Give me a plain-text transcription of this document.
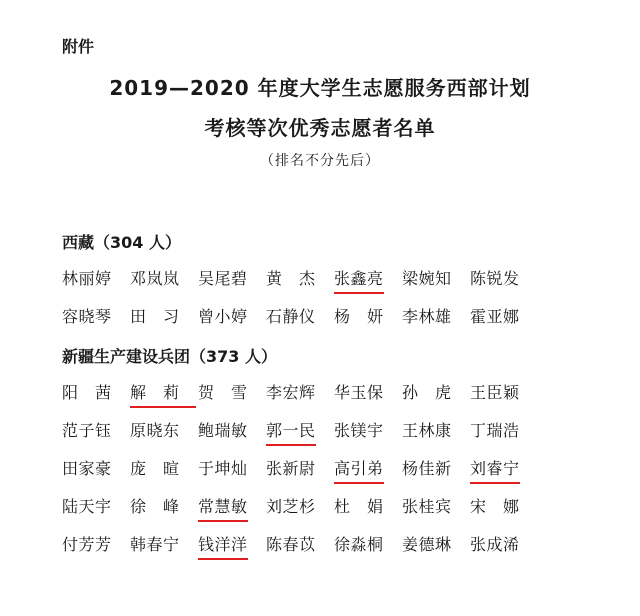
附件
2019—2020 年度大学生志愿服务西部计划
考核等次优秀志愿者名单
（排名不分先后）
西藏（304 人）
林丽婷 邓岚岚 吴尾碧 黄杰 张鑫亮 梁婉知 陈锐发
容晓琴 田习 曾小婷 石静仪 杨妍 李林雄 霍亚娜
新疆生产建设兵团（373 人）
阳茜 解莉 贺雪 李宏辉 华玉保 孙虎 王臣颖
范子钰 原晓东 鲍瑞敏 郭一民 张镁宇 王林康 丁瑞浩
田家豪 庞暄 于坤灿 张新尉 高引弟 杨佳新 刘睿宁
陆天宇 徐峰 常慧敏 刘芝杉 杜娟 张桂宾 宋娜
付芳芳 韩春宁 钱洋洋 陈春苡 徐淼桐 姜德琳 张成浠
